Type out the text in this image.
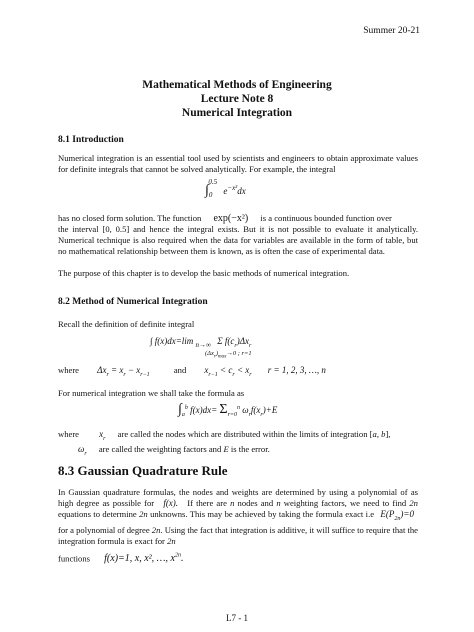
Summer 20-21
Mathematical Methods of Engineering
Lecture Note 8
Numerical Integration
8.1 Introduction
Numerical integration is an essential tool used by scientists and engineers to obtain approximate values for definite integrals that cannot be solved analytically. For example, the integral
$\int_0^{0.5}$ $e^{-x^2}dx$
has no closed form solution. The function exp(−x²) is a continuous bounded function over
the interval [0, 0.5] and hence the integral exists. But it is not possible to evaluate it analytically. Numerical technique is also required when the data for variables are available in the form of table, but no mathematical relationship between them is known, as is often the case of experimental data.
The purpose of this chapter is to develop the basic methods of numerical integration.
8.2 Method of Numerical Integration
Recall the definition of definite integral
∫ f(x)dx=lim $_{n\to\infty}$ Σ $f(c_r)\Delta x_r$
$(\Delta x_r)_{max}\to 0$ ; r=1
where $\Delta x_r = x_r - x_{r-1}$	and $x_{r-1} < c_r < x_r$ r = 1, 2, 3, …, n
For numerical integration we shall take the formula as
$\int_a^b$ $f(x)dx= \Sigma_{r=0}^n$ $\omega_rf(x_r)+E$
where $x_r$ are called the nodes which are distributed within the limits of integration [a, b],
$\omega_r$ are called the weighting factors and E is the error.
8.3 Gaussian Quadrature Rule
In Gaussian quadrature formulas, the nodes and weights are determined by using a polynomial of as high degree as possible for f(x). If there are n nodes and n weighting factors, we need to find 2n equations to determine 2n unknowns. This may be achieved by taking the formula exact i.e $E(P_{2n})=0$ for a polynomial of degree 2n. Using the fact that integration is additive, it will suffice to require that the integration formula is exact for 2n
functions f(x)=1, x, x², …, $x^{2n}$.
L7 - 1
